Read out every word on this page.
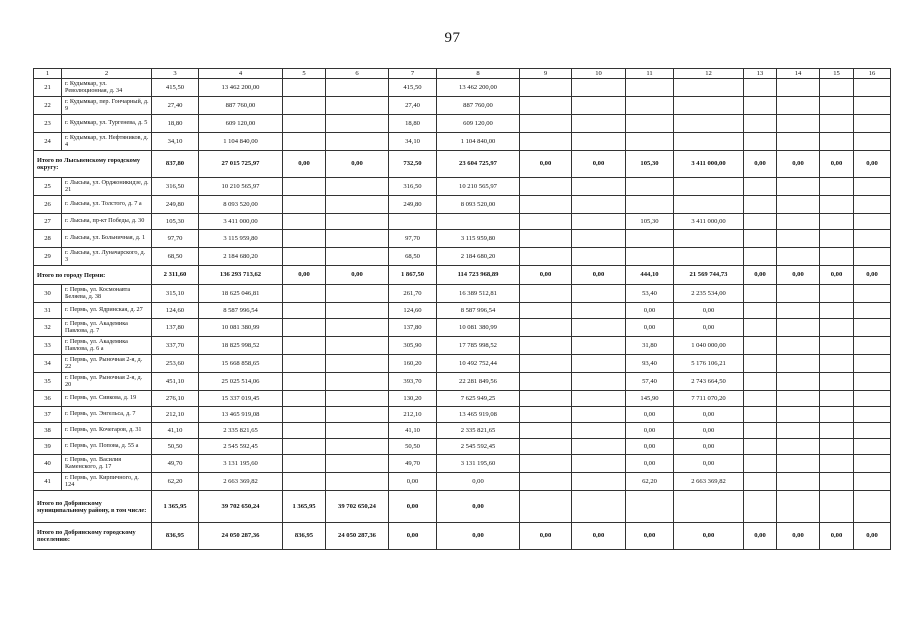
97
1	2	3	4	5	6	7	8	9	10	11	12	13	14	15	16
21	г. Кудымкар, ул. Революционная, д. 34	415,50	13 462 200,00			415,50	13 462 200,00								
22	г. Кудымкар, пер. Гончарный, д. 9	27,40	887 760,00			27,40	887 760,00								
23	г. Кудымкар, ул. Тургенева, д. 5	18,80	609 120,00			18,80	609 120,00								
24	г. Кудымкар, ул. Нефтяников, д. 4	34,10	1 104 840,00			34,10	1 104 840,00								
Итого по Лысьвенскому городскому округу:		837,80	27 015 725,97	0,00	0,00	732,50	23 604 725,97	0,00	0,00	105,30	3 411 000,00	0,00	0,00	0,00	0,00
25	г. Лысьва, ул. Орджоникидзе, д. 21	316,50	10 210 565,97			316,50	10 210 565,97								
26	г. Лысьва, ул. Толстого, д. 7 а	249,80	8 093 520,00			249,80	8 093 520,00								
27	г. Лысьва, пр-кт Победы, д. 30	105,30	3 411 000,00							105,30	3 411 000,00				
28	г. Лысьва, ул. Больничная, д. 1	97,70	3 115 959,80			97,70	3 115 959,80								
29	г. Лысьва, ул. Луначарского, д. 3	68,50	2 184 680,20			68,50	2 184 680,20								
Итого по городу Перми:		2 311,60	136 293 713,62	0,00	0,00	1 867,50	114 723 968,89	0,00	0,00	444,10	21 569 744,73	0,00	0,00	0,00	0,00
30	г. Пермь, ул. Космонавта Беляева, д. 38	315,10	18 625 046,81			261,70	16 389 512,81			53,40	2 235 534,00				
31	г. Пермь, ул. Ядринская, д. 27	124,60	8 587 996,54			124,60	8 587 996,54			0,00	0,00				
32	г. Пермь, ул. Академика Павлова, д. 7	137,80	10 081 380,99			137,80	10 081 380,99			0,00	0,00				
33	г. Пермь, ул. Академика Павлова, д. 6 а	337,70	18 825 998,52			305,90	17 785 998,52			31,80	1 040 000,00				
34	г. Пермь, ул. Рыночная 2-я, д. 22	253,60	15 668 858,65			160,20	10 492 752,44			93,40	5 176 106,21				
35	г. Пермь, ул. Рыночная 2-я, д. 20	451,10	25 025 514,06			393,70	22 281 849,56			57,40	2 743 664,50				
36	г. Пермь, ул. Сивкова, д. 19	276,10	15 337 019,45			130,20	7 625 949,25			145,90	7 711 070,20				
37	г. Пермь, ул. Энгельса, д. 7	212,10	13 465 919,08			212,10	13 465 919,08			0,00	0,00				
38	г. Пермь, ул. Кочегаров, д. 31	41,10	2 335 821,65			41,10	2 335 821,65			0,00	0,00				
39	г. Пермь, ул. Попова, д. 55 а	50,50	2 545 592,45			50,50	2 545 592,45			0,00	0,00				
40	г. Пермь, ул. Василия Каменского, д. 17	49,70	3 131 195,60			49,70	3 131 195,60			0,00	0,00				
41	г. Пермь, ул. Кирпичного, д. 124	62,20	2 663 369,82			0,00	0,00			62,20	2 663 369,82				
Итого по Добрянскому муниципальному району, в том числе:		1 365,95	39 702 650,24	1 365,95	39 702 650,24	0,00	0,00								
Итого по Добрянскому городскому поселению:		836,95	24 050 287,36	836,95	24 050 287,36	0,00	0,00	0,00	0,00	0,00	0,00	0,00	0,00	0,00	0,00
